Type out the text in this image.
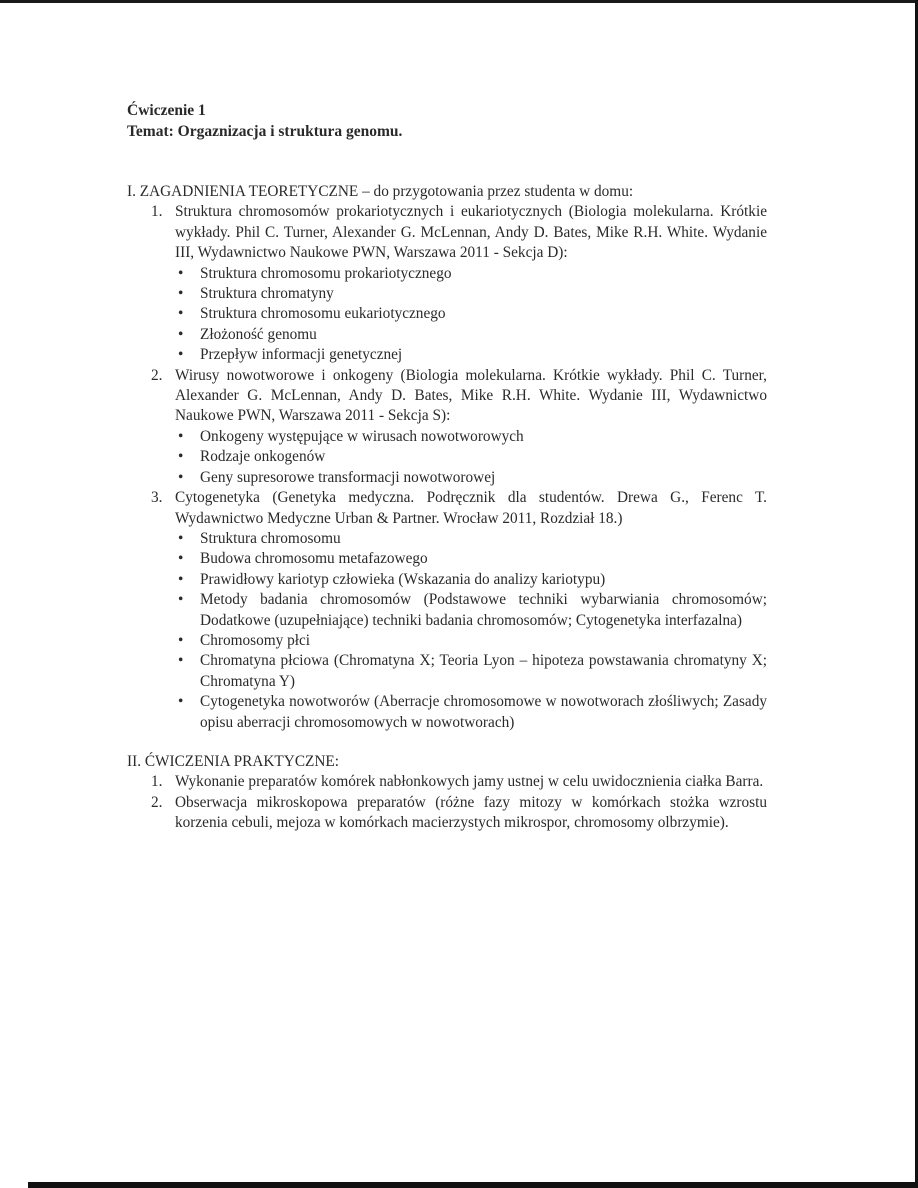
Ćwiczenie 1

Temat: Orgaznizacja i struktura genomu.

I. ZAGADNIENIA TEORETYCZNE – do przygotowania przez studenta w domu:

1. Struktura chromosomów prokariotycznych i eukariotycznych (Biologia molekularna. Krótkie wykłady. Phil C. Turner, Alexander G. McLennan, Andy D. Bates, Mike R.H. White. Wydanie III, Wydawnictwo Naukowe PWN, Warszawa 2011 - Sekcja D):
• Struktura chromosomu prokariotycznego
• Struktura chromatyny
• Struktura chromosomu eukariotycznego
• Złożoność genomu
• Przepływ informacji genetycznej
2. Wirusy nowotworowe i onkogeny (Biologia molekularna. Krótkie wykłady. Phil C. Turner, Alexander G. McLennan, Andy D. Bates, Mike R.H. White. Wydanie III, Wydawnictwo Naukowe PWN, Warszawa 2011 - Sekcja S):
• Onkogeny występujące w wirusach nowotworowych
• Rodzaje onkogenów
• Geny supresorowe transformacji nowotworowej
3. Cytogenetyka (Genetyka medyczna. Podręcznik dla studentów. Drewa G., Ferenc T. Wydawnictwo Medyczne Urban & Partner. Wrocław 2011, Rozdział 18.)
• Struktura chromosomu
• Budowa chromosomu metafazowego
• Prawidłowy kariotyp człowieka (Wskazania do analizy kariotypu)
• Metody badania chromosomów (Podstawowe techniki wybarwiania chromosomów; Dodatkowe (uzupełniające) techniki badania chromosomów; Cytogenetyka interfazalna)
• Chromosomy płci
• Chromatyna płciowa (Chromatyna X; Teoria Lyon – hipoteza powstawania chromatyny X; Chromatyna Y)
• Cytogenetyka nowotworów (Aberracje chromosomowe w nowotworach złośliwych; Zasady opisu aberracji chromosomowych w nowotworach)

II. ĆWICZENIA PRAKTYCZNE:

1. Wykonanie preparatów komórek nabłonkowych jamy ustnej w celu uwidocznienia ciałka Barra.
2. Obserwacja mikroskopowa preparatów (różne fazy mitozy w komórkach stożka wzrostu korzenia cebuli, mejoza w komórkach macierzystych mikrospor, chromosomy olbrzymie).
